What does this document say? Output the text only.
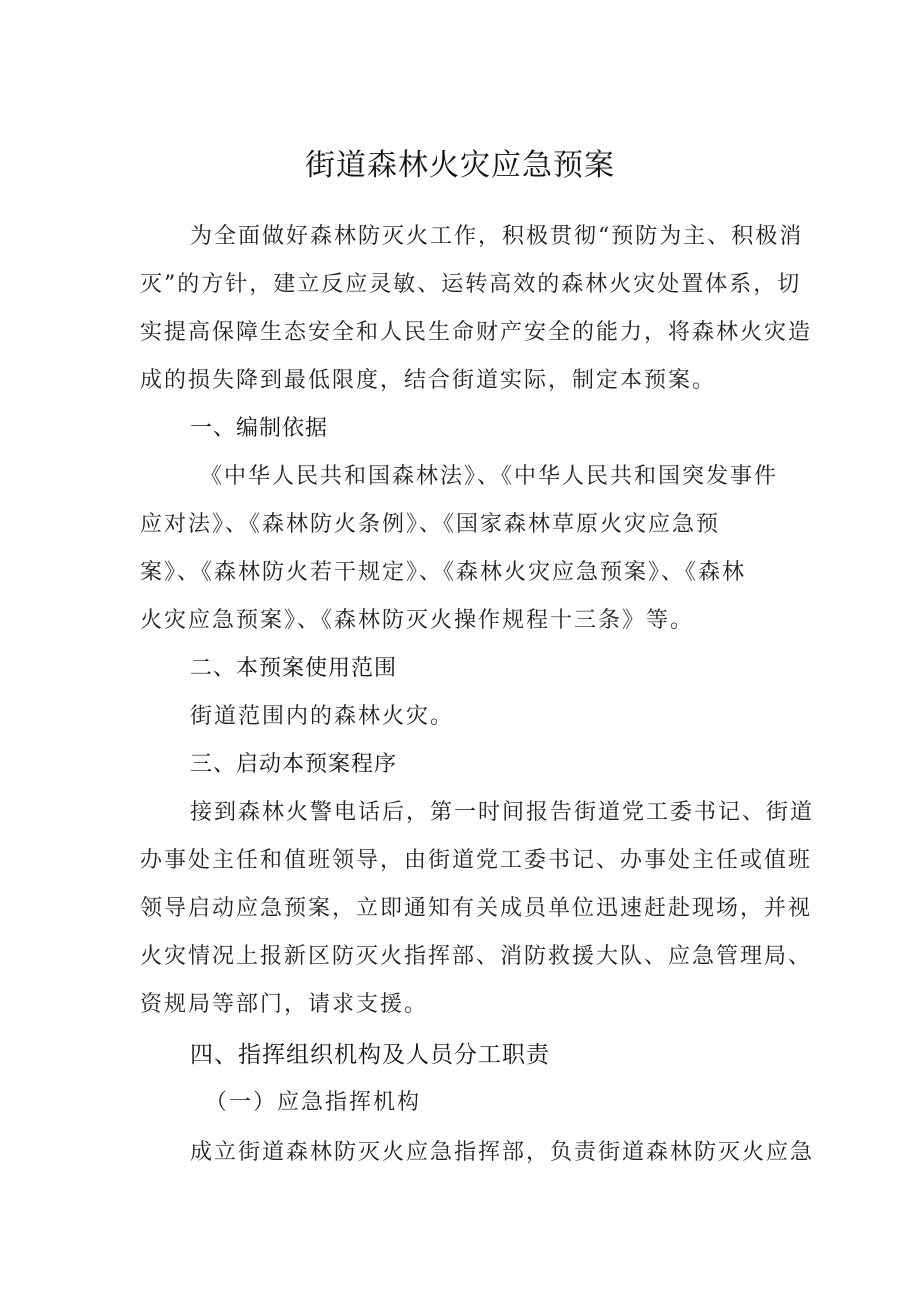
街道森林火灾应急预案
为全面做好森林防灭火工作，积极贯彻“预防为主、积极消
灭”的方针，建立反应灵敏、运转高效的森林火灾处置体系，切
实提高保障生态安全和人民生命财产安全的能力，将森林火灾造
成的损失降到最低限度，结合街道实际，制定本预案。
一、编制依据
《中华人民共和国森林法》、《中华人民共和国突发事件
应对法》、《森林防火条例》、《国家森林草原火灾应急预
案》、《森林防火若干规定》、《森林火灾应急预案》、《森林
火灾应急预案》、《森林防灭火操作规程十三条》等。
二、本预案使用范围
街道范围内的森林火灾。
三、启动本预案程序
接到森林火警电话后，第一时间报告街道党工委书记、街道
办事处主任和值班领导，由街道党工委书记、办事处主任或值班
领导启动应急预案，立即通知有关成员单位迅速赶赴现场，并视
火灾情况上报新区防灭火指挥部、消防救援大队、应急管理局、
资规局等部门，请求支援。
四、指挥组织机构及人员分工职责
（一）应急指挥机构
成立街道森林防灭火应急指挥部，负责街道森林防灭火应急
